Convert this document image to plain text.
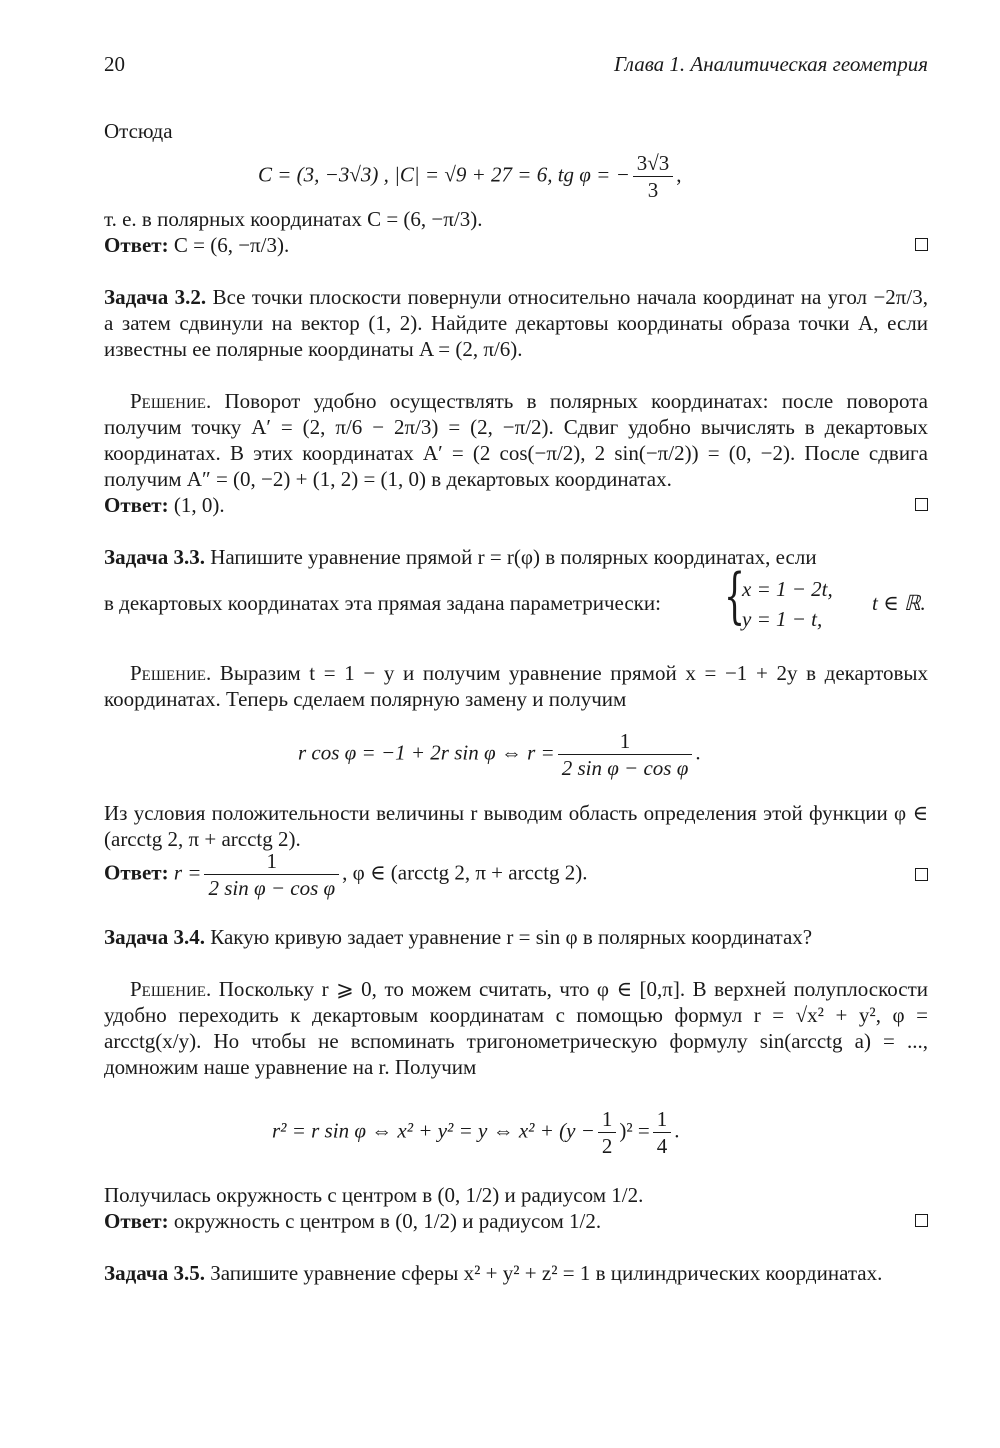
20	Глава 1. Аналитическая геометрия
Отсюда
C = (3, −3√3) , |C| = √9 + 27 = 6, tg φ = − $\frac{3√3}{3}$ ,
т. е. в полярных координатах C = (6, −π/3).
Ответ: C = (6, −π/3).
Задача 3.2. Все точки плоскости повернули относительно начала координат на угол −2π/3, а затем сдвинули на вектор (1, 2). Найдите декартовы координаты образа точки A, если известны ее полярные координаты A = (2, π/6).
Решение. Поворот удобно осуществлять в полярных координатах: после поворота получим точку A′ = (2, π/6 − 2π/3) = (2, −π/2). Сдвиг удобно вычислять в декартовых координатах. В этих координатах A′ = (2 cos(−π/2), 2 sin(−π/2)) = (0, −2). После сдвига получим A″ = (0, −2) + (1, 2) = (1, 0) в декартовых координатах.
Ответ: (1, 0).
Задача 3.3. Напишите уравнение прямой r = r(φ) в полярных координатах, если
в декартовых координатах эта прямая задана параметрически: {
x = 1 − 2t,
y = 1 − t,
t ∈ ℝ.
Решение. Выразим t = 1 − y и получим уравнение прямой x = −1 + 2y в декартовых координатах. Теперь сделаем полярную замену и получим
r cos φ = −1 + 2r sin φ ⇔ $r = \frac{1}{\text{2 sin φ − cos φ}}$ .
Из условия положительности величины r выводим область определения этой функции φ ∈ (arcctg 2, π + arcctg 2).
Ответ: $r = \frac{1}{\text{2 sin φ − cos φ}}$ , φ ∈ (arcctg 2, π + arcctg 2).
Задача 3.4. Какую кривую задает уравнение r = sin φ в полярных координатах?
Решение. Поскольку r ⩾ 0, то можем считать, что φ ∈ [0,π]. В верхней полуплоскости удобно переходить к декартовым координатам с помощью формул r = √x² + y², φ = arcctg(x/y). Но чтобы не вспоминать тригонометрическую формулу sin(arcctg a) = ..., домножим наше уравнение на r. Получим
r² = r sin φ ⇔ x² + y² = y ⇔ $x^2 + (y - \frac{1}{2} )^2 = \frac{1}{4}$ .
Получилась окружность с центром в (0, 1/2) и радиусом 1/2.
Ответ: окружность с центром в (0, 1/2) и радиусом 1/2.
Задача 3.5. Запишите уравнение сферы x² + y² + z² = 1 в цилиндрических координатах.
